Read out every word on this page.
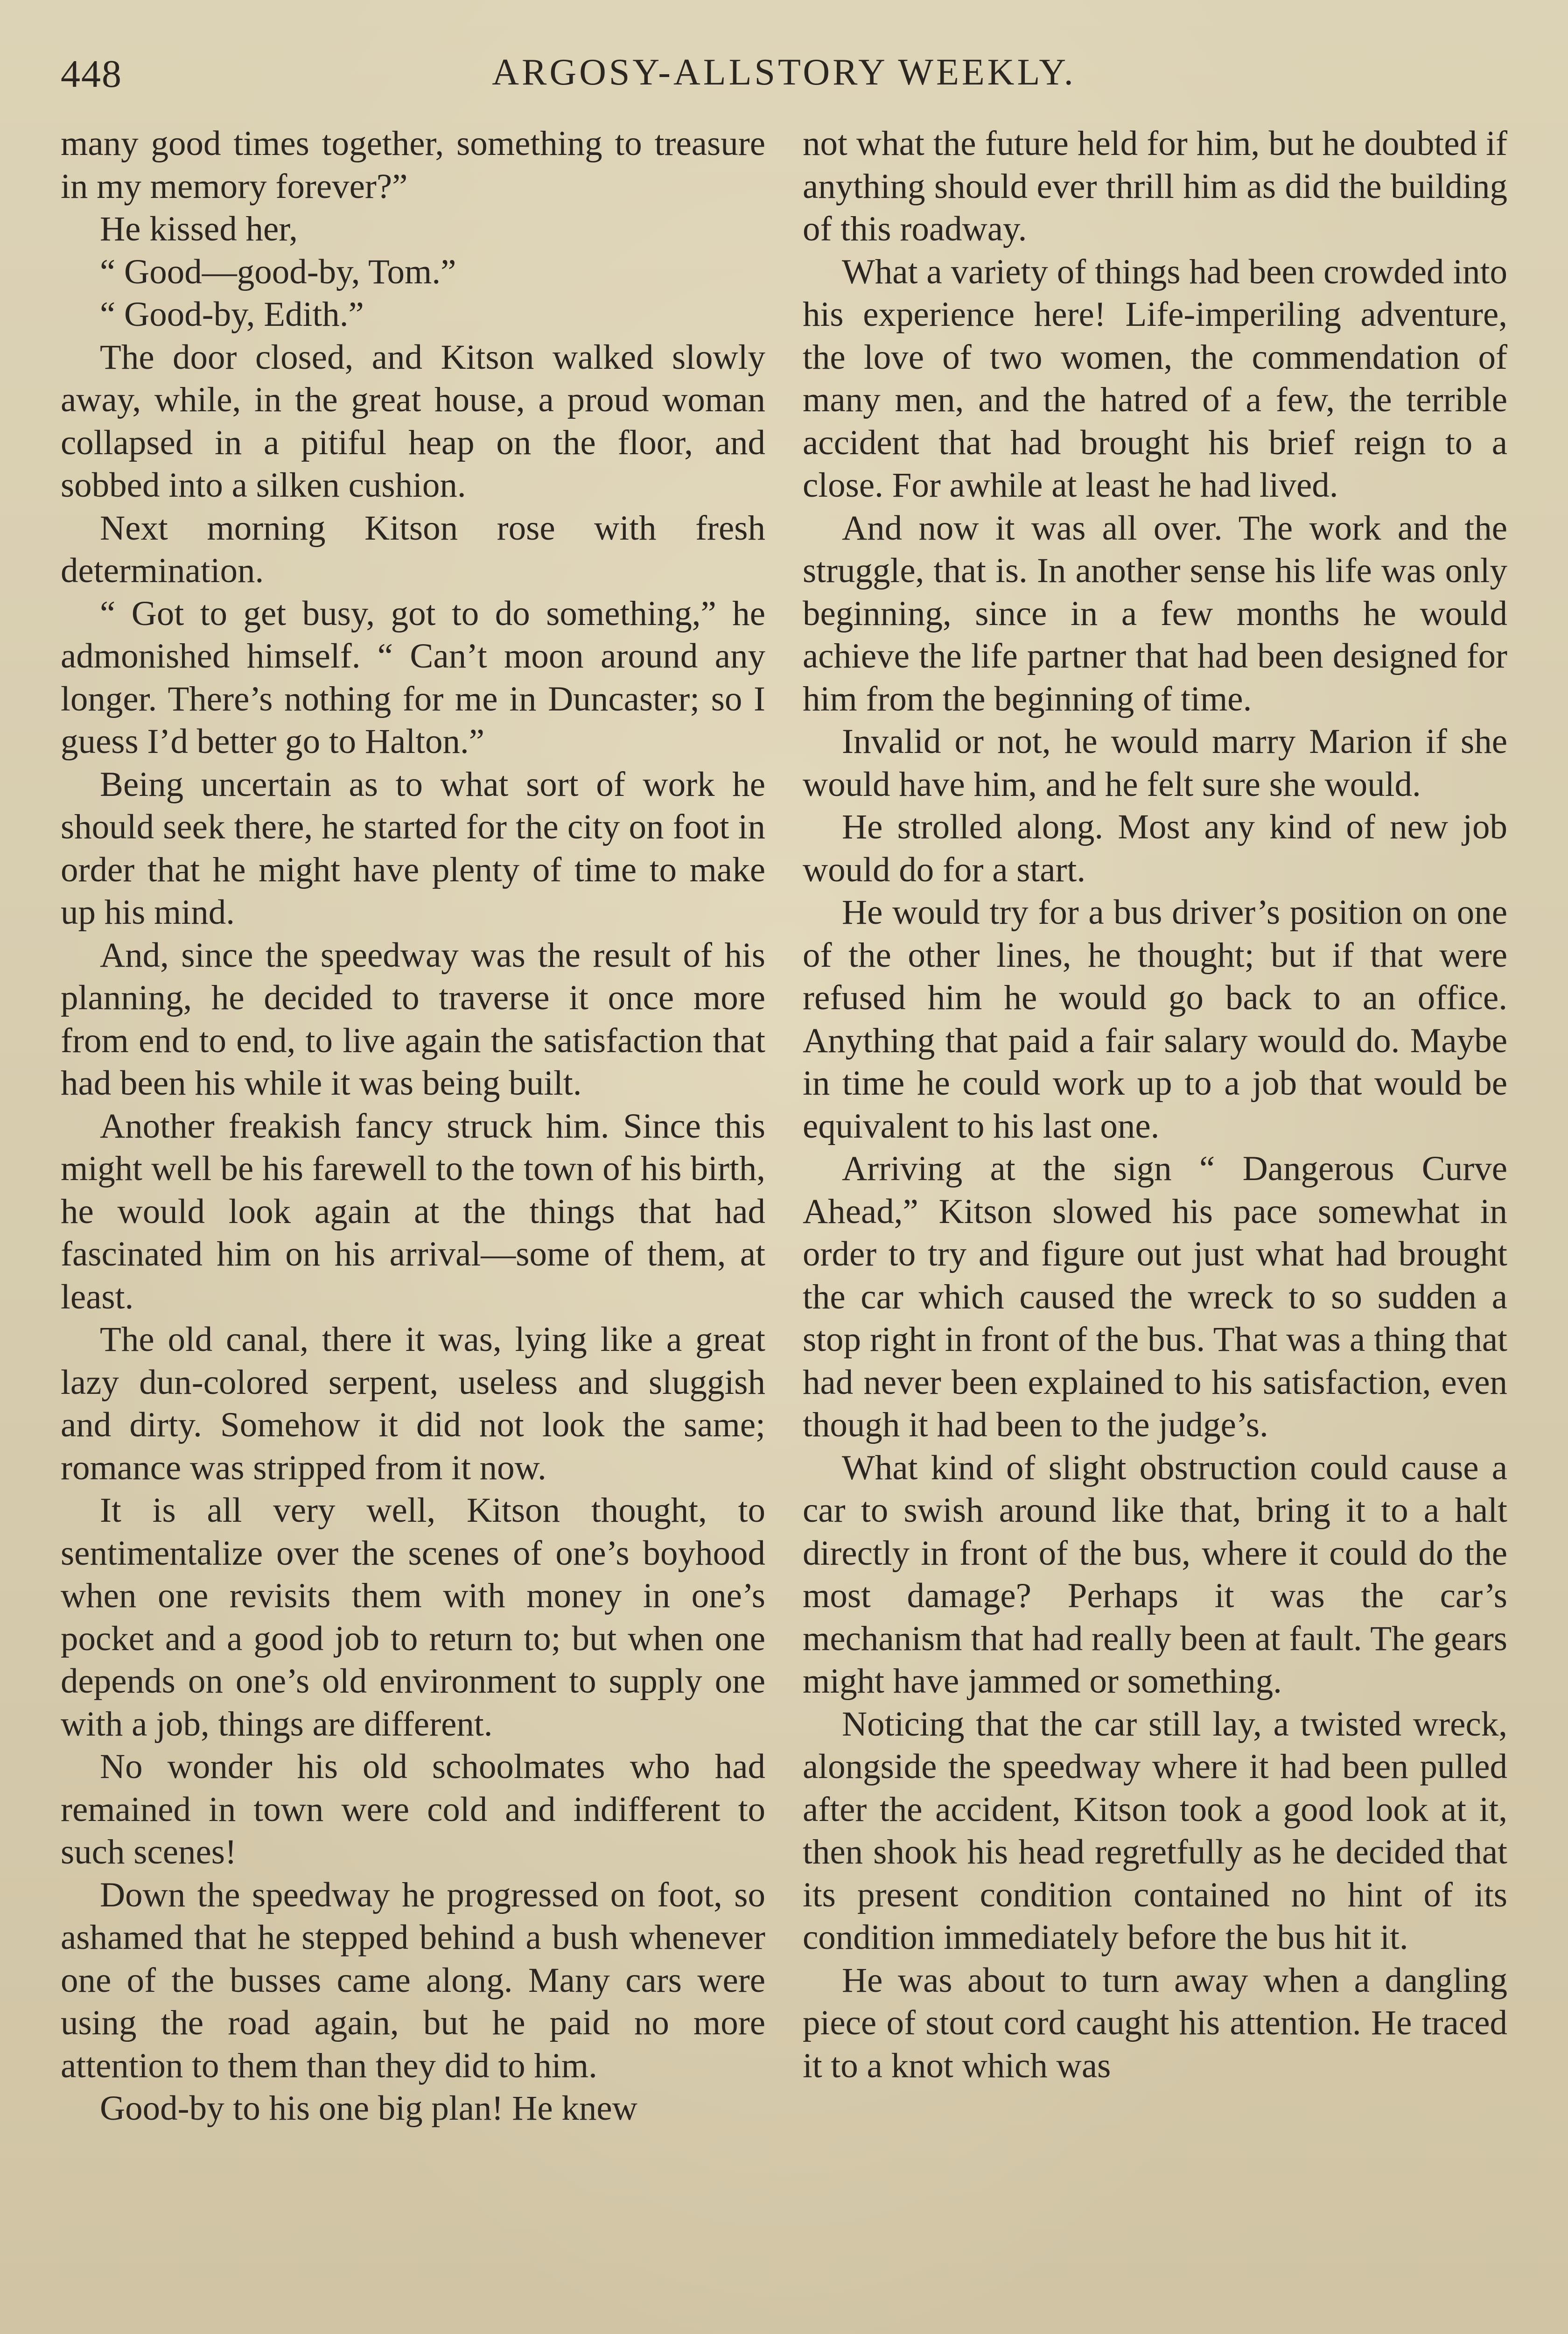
448	ARGOSY-ALLSTORY WEEKLY.

many good times together, something to treasure in my memory forever?”

He kissed her,

“ Good—good-by, Tom.”

“ Good-by, Edith.”

The door closed, and Kitson walked slowly away, while, in the great house, a proud woman collapsed in a pitiful heap on the floor, and sobbed into a silken cushion.

Next morning Kitson rose with fresh determination.

“ Got to get busy, got to do something,” he admonished himself. “ Can’t moon around any longer. There’s nothing for me in Duncaster; so I guess I’d better go to Halton.”

Being uncertain as to what sort of work he should seek there, he started for the city on foot in order that he might have plenty of time to make up his mind.

And, since the speedway was the result of his planning, he decided to traverse it once more from end to end, to live again the satisfaction that had been his while it was being built.

Another freakish fancy struck him. Since this might well be his farewell to the town of his birth, he would look again at the things that had fascinated him on his arrival—some of them, at least.

The old canal, there it was, lying like a great lazy dun-colored serpent, useless and sluggish and dirty. Somehow it did not look the same; romance was stripped from it now.

It is all very well, Kitson thought, to sentimentalize over the scenes of one’s boyhood when one revisits them with money in one’s pocket and a good job to return to; but when one depends on one’s old environment to supply one with a job, things are different.

No wonder his old schoolmates who had remained in town were cold and indifferent to such scenes!

Down the speedway he progressed on foot, so ashamed that he stepped behind a bush whenever one of the busses came along. Many cars were using the road again, but he paid no more attention to them than they did to him.

Good-by to his one big plan! He knew

not what the future held for him, but he doubted if anything should ever thrill him as did the building of this roadway.

What a variety of things had been crowded into his experience here! Life-imperiling adventure, the love of two women, the commendation of many men, and the hatred of a few, the terrible accident that had brought his brief reign to a close. For awhile at least he had lived.

And now it was all over. The work and the struggle, that is. In another sense his life was only beginning, since in a few months he would achieve the life partner that had been designed for him from the beginning of time.

Invalid or not, he would marry Marion if she would have him, and he felt sure she would.

He strolled along. Most any kind of new job would do for a start.

He would try for a bus driver’s position on one of the other lines, he thought; but if that were refused him he would go back to an office. Anything that paid a fair salary would do. Maybe in time he could work up to a job that would be equivalent to his last one.

Arriving at the sign “ Dangerous Curve Ahead,” Kitson slowed his pace somewhat in order to try and figure out just what had brought the car which caused the wreck to so sudden a stop right in front of the bus. That was a thing that had never been explained to his satisfaction, even though it had been to the judge’s.

What kind of slight obstruction could cause a car to swish around like that, bring it to a halt directly in front of the bus, where it could do the most damage? Perhaps it was the car’s mechanism that had really been at fault. The gears might have jammed or something.

Noticing that the car still lay, a twisted wreck, alongside the speedway where it had been pulled after the accident, Kitson took a good look at it, then shook his head regretfully as he decided that its present condition contained no hint of its condition immediately before the bus hit it.

He was about to turn away when a dangling piece of stout cord caught his attention. He traced it to a knot which was
